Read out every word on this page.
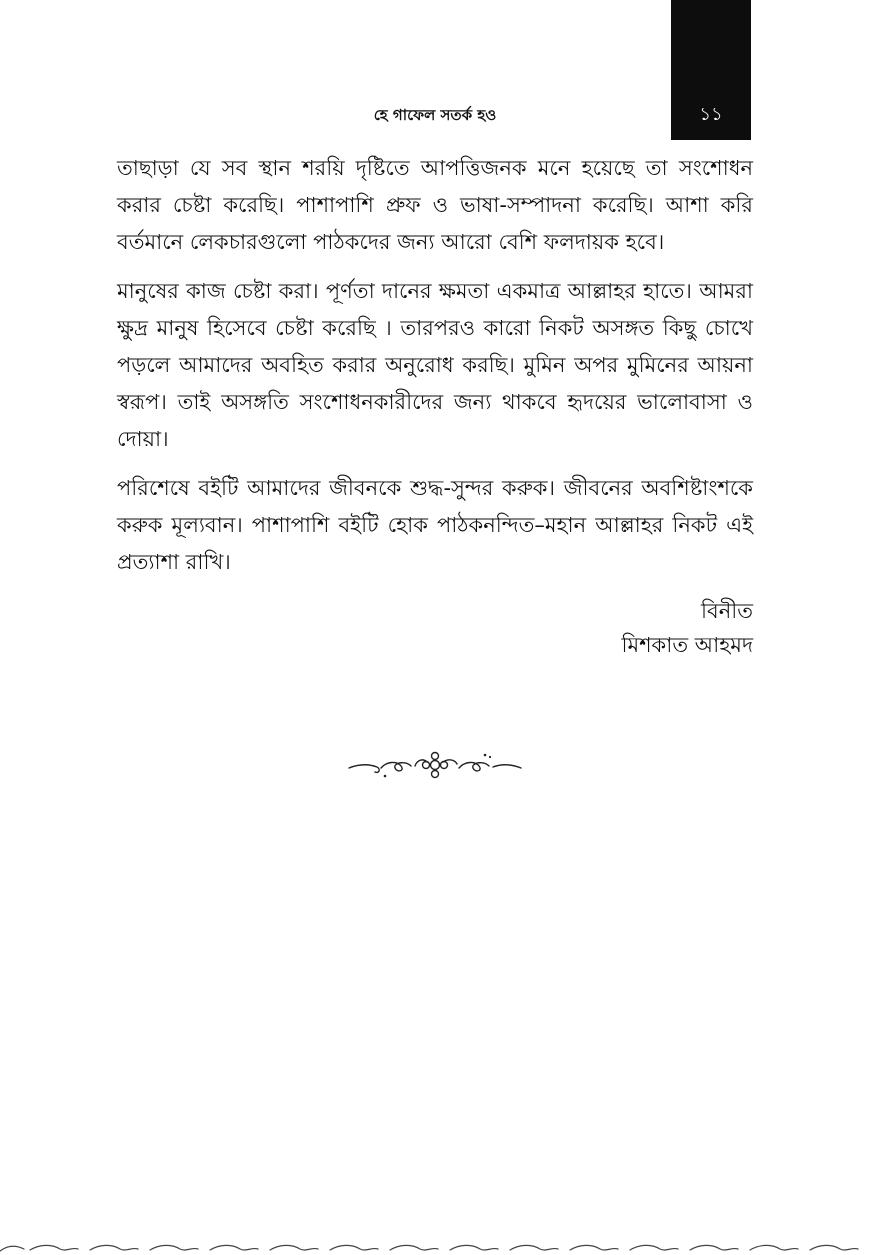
১১
হে গাফেল সতর্ক হও

তাছাড়া যে সব স্থান শরয়ি দৃষ্টিতে আপত্তিজনক মনে হয়েছে তা সংশোধন করার চেষ্টা করেছি। পাশাপাশি প্রুফ ও ভাষা-সম্পাদনা করেছি। আশা করি বর্তমানে লেকচারগুলো পাঠকদের জন্য আরো বেশি ফলদায়ক হবে।

মানুষের কাজ চেষ্টা করা। পূর্ণতা দানের ক্ষমতা একমাত্র আল্লাহর হাতে। আমরা ক্ষুদ্র মানুষ হিসেবে চেষ্টা করেছি । তারপরও কারো নিকট অসঙ্গত কিছু চোখে পড়লে আমাদের অবহিত করার অনুরোধ করছি। মুমিন অপর মুমিনের আয়না স্বরূপ। তাই অসঙ্গতি সংশোধনকারীদের জন্য থাকবে হৃদয়ের ভালোবাসা ও দোয়া।

পরিশেষে বইটি আমাদের জীবনকে শুদ্ধ-সুন্দর করুক। জীবনের অবশিষ্টাংশকে করুক মূল্যবান। পাশাপাশি বইটি হোক পাঠকনন্দিত–মহান আল্লাহর নিকট এই প্রত্যাশা রাখি।

বিনীত
মিশকাত আহমদ
